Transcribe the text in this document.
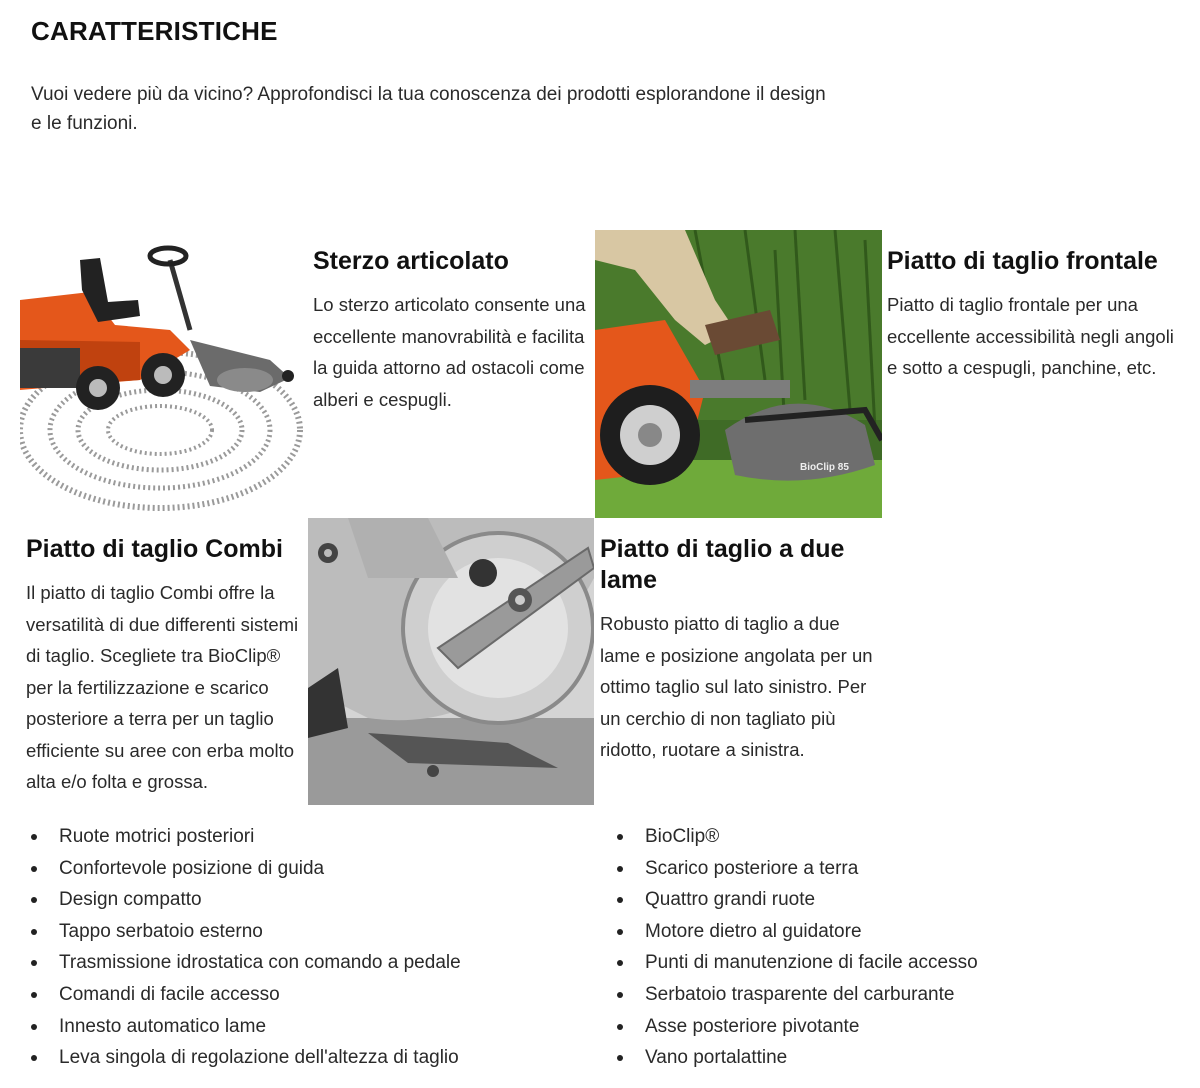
CARATTERISTICHE

Vuoi vedere più da vicino? Approfondisci la tua conoscenza dei prodotti esplorandone il design e le funzioni.

BioClip 85
Sterzo articolato

Lo sterzo articolato consente una eccellente manovrabilità e facilita la guida attorno ad ostacoli come alberi e cespugli.

Piatto di taglio frontale

Piatto di taglio frontale per una eccellente accessibilità negli angoli e sotto a cespugli, panchine, etc.

Piatto di taglio Combi

Il piatto di taglio Combi offre la versatilità di due differenti sistemi di taglio. Scegliete tra BioClip® per la fertilizzazione e scarico posteriore a terra per un taglio efficiente su aree con erba molto alta e/o folta e grossa.

Piatto di taglio a due lame

Robusto piatto di taglio a due lame e posizione angolata per un ottimo taglio sul lato sinistro. Per un cerchio di non tagliato più ridotto, ruotare a sinistra.

Ruote motrici posteriori
Confortevole posizione di guida
Design compatto
Tappo serbatoio esterno
Trasmissione idrostatica con comando a pedale
Comandi di facile accesso
Innesto automatico lame
Leva singola di regolazione dell'altezza di taglio
BioClip®
Scarico posteriore a terra
Quattro grandi ruote
Motore dietro al guidatore
Punti di manutenzione di facile accesso
Serbatoio trasparente del carburante
Asse posteriore pivotante
Vano portalattine
